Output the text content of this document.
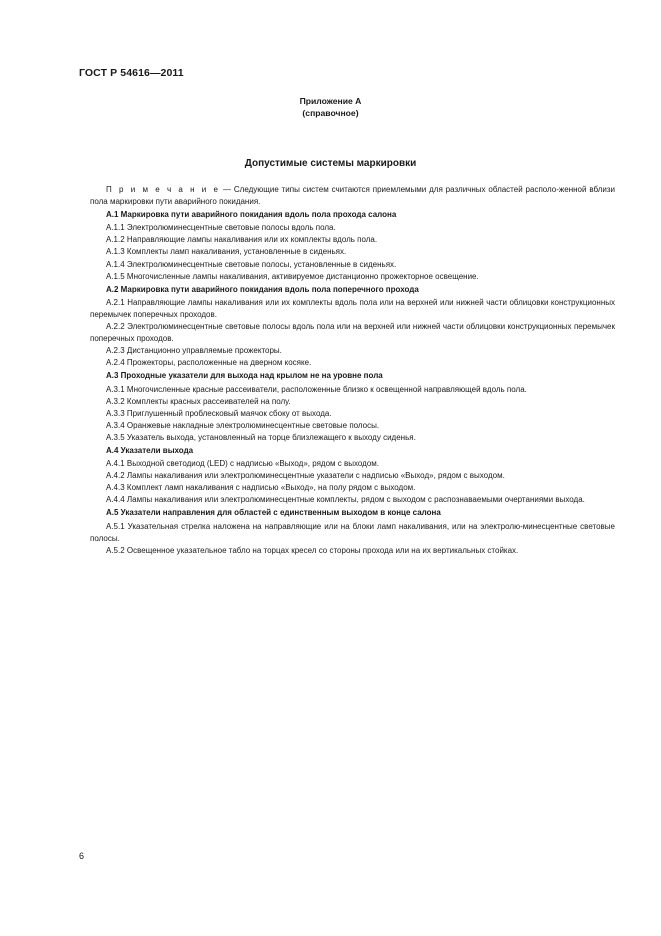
ГОСТ Р 54616—2011
Приложение А
(справочное)
Допустимые системы маркировки

П р и м е ч а н и е — Следующие типы систем считаются приемлемыми для различных областей располо-женной вблизи пола маркировки пути аварийного покидания.

А.1 Маркировка пути аварийного покидания вдоль пола прохода салона

А.1.1 Электролюминесцентные световые полосы вдоль пола.

А.1.2 Направляющие лампы накаливания или их комплекты вдоль пола.

А.1.3 Комплекты ламп накаливания, установленные в сиденьях.

А.1.4 Электролюминесцентные световые полосы, установленные в сиденьях.

А.1.5 Многочисленные лампы накаливания, активируемое дистанционно прожекторное освещение.

А.2 Маркировка пути аварийного покидания вдоль пола поперечного прохода

А.2.1 Направляющие лампы накаливания или их комплекты вдоль пола или на верхней или нижней части облицовки конструкционных перемычек поперечных проходов.

А.2.2 Электролюминесцентные световые полосы вдоль пола или на верхней или нижней части облицовки конструкционных перемычек поперечных проходов.

А.2.3 Дистанционно управляемые прожекторы.

А.2.4 Прожекторы, расположенные на дверном косяке.

А.3 Проходные указатели для выхода над крылом не на уровне пола

А.3.1 Многочисленные красные рассеиватели, расположенные близко к освещенной направляющей вдоль пола.

А.3.2 Комплекты красных рассеивателей на полу.

А.3.3 Приглушенный проблесковый маячок сбоку от выхода.

А.3.4 Оранжевые накладные электролюминесцентные световые полосы.

А.3.5 Указатель выхода, установленный на торце близлежащего к выходу сиденья.

А.4 Указатели выхода

А.4.1 Выходной светодиод (LED) с надписью «Выход», рядом с выходом.

А.4.2 Лампы накаливания или электролюминесцентные указатели с надписью «Выход», рядом с выходом.

А.4.3 Комплект ламп накаливания с надписью «Выход», на полу рядом с выходом.

А.4.4 Лампы накаливания или электролюминесцентные комплекты, рядом с выходом с распознаваемыми очертаниями выхода.

А.5 Указатели направления для областей с единственным выходом в конце салона

А.5.1 Указательная стрелка наложена на направляющие или на блоки ламп накаливания, или на электролю-минесцентные световые полосы.

А.5.2 Освещенное указательное табло на торцах кресел со стороны прохода или на их вертикальных стойках.

6
